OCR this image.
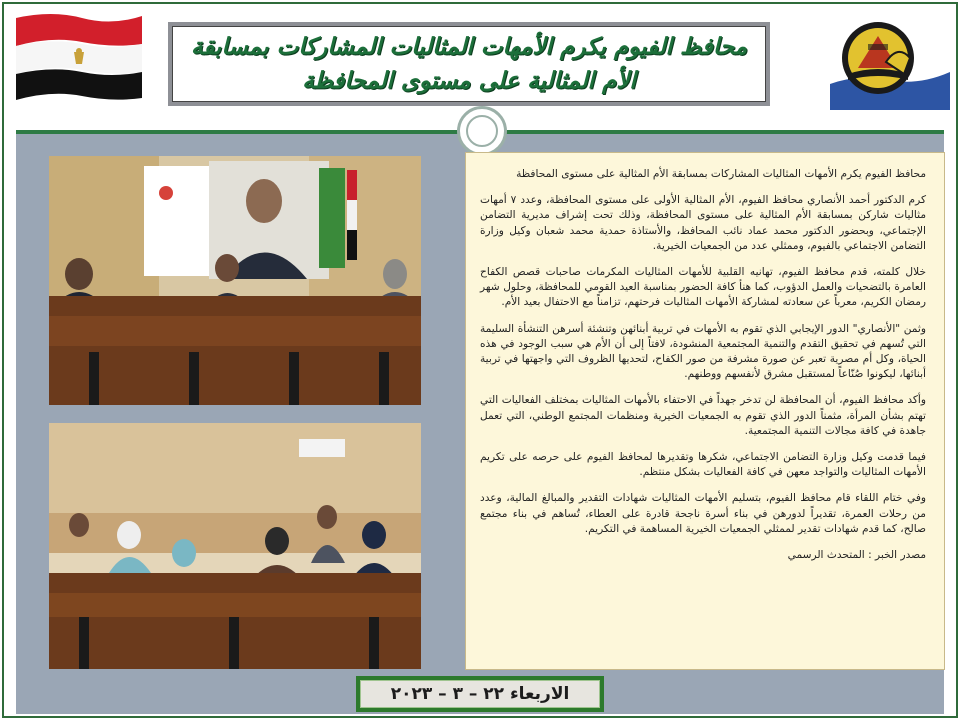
محافظ الفيوم يكرم الأمهات المثاليات المشاركات بمسابقة
الأم المثالية على مستوى المحافظة

محافظ الفيوم يكرم الأمهات المثاليات المشاركات بمسابقة الأم المثالية على مستوى المحافظة

كرم الدكتور أحمد الأنصاري محافظ الفيوم، الأم المثالية الأولى على مستوى المحافظة، وعدد ٧ أمهات مثاليات شاركن بمسابقة الأم المثالية على مستوى المحافظة، وذلك تحت إشراف مديرية التضامن الإجتماعي، وبحضور الدكتور محمد عماد نائب المحافظ، والأستاذة حمدية محمد شعبان وكيل وزارة التضامن الاجتماعي بالفيوم، وممثلي عدد من الجمعيات الخيرية.

خلال كلمته، قدم محافظ الفيوم، تهانيه القلبية للأمهات المثاليات المكرمات صاحبات قصص الكفاح العامرة بالتضحيات والعمل الدؤوب، كما هنأ كافة الحضور بمناسبة العيد القومي للمحافظة، وحلول شهر رمضان الكريم، معرباً عن سعادته لمشاركة الأمهات المثاليات فرحتهم، تزامناً مع الاحتفال بعيد الأم.

وثمن "الأنصاري" الدور الإيجابي الذي تقوم به الأمهات في تربية أبنائهن وتنشئة أسرهن التنشأة السليمة التي تُسهم في تحقيق التقدم والتنمية المجتمعية المنشودة، لافتاً إلى أن الأم هي سبب الوجود في هذه الحياة، وكل أم مصرية تعبر عن صورة مشرفة من صور الكفاح، لتحديها الظروف التي واجهتها في تربية أبنائها، ليكونوا صُنّاعاً لمستقبل مشرق لأنفسهم ووطنهم.

وأكد محافظ الفيوم، أن المحافظة لن تدخر جهداً في الاحتفاء بالأمهات المثاليات بمختلف الفعاليات التي تهتم بشأن المرأة، مثمناً الدور الذي تقوم به الجمعيات الخيرية ومنظمات المجتمع الوطني، التي تعمل جاهدة في كافة مجالات التنمية المجتمعية.

فيما قدمت وكيل وزارة التضامن الاجتماعي، شكرها وتقديرها لمحافظ الفيوم على حرصه على تكريم الأمهات المثاليات والتواجد معهن في كافة الفعاليات بشكل منتظم.

وفي ختام اللقاء قام محافظ الفيوم، بتسليم الأمهات المثاليات شهادات التقدير والمبالغ المالية، وعدد من رحلات العمرة، تقديراً لدورهن في بناء أسرة ناجحة قادرة على العطاء، تُساهم في بناء مجتمع صالح، كما قدم شهادات تقدير لممثلي الجمعيات الخيرية المساهمة في التكريم.

مصدر الخبر : المتحدث الرسمي

الاربعاء ٢٢ – ٣ – ٢٠٢٣
